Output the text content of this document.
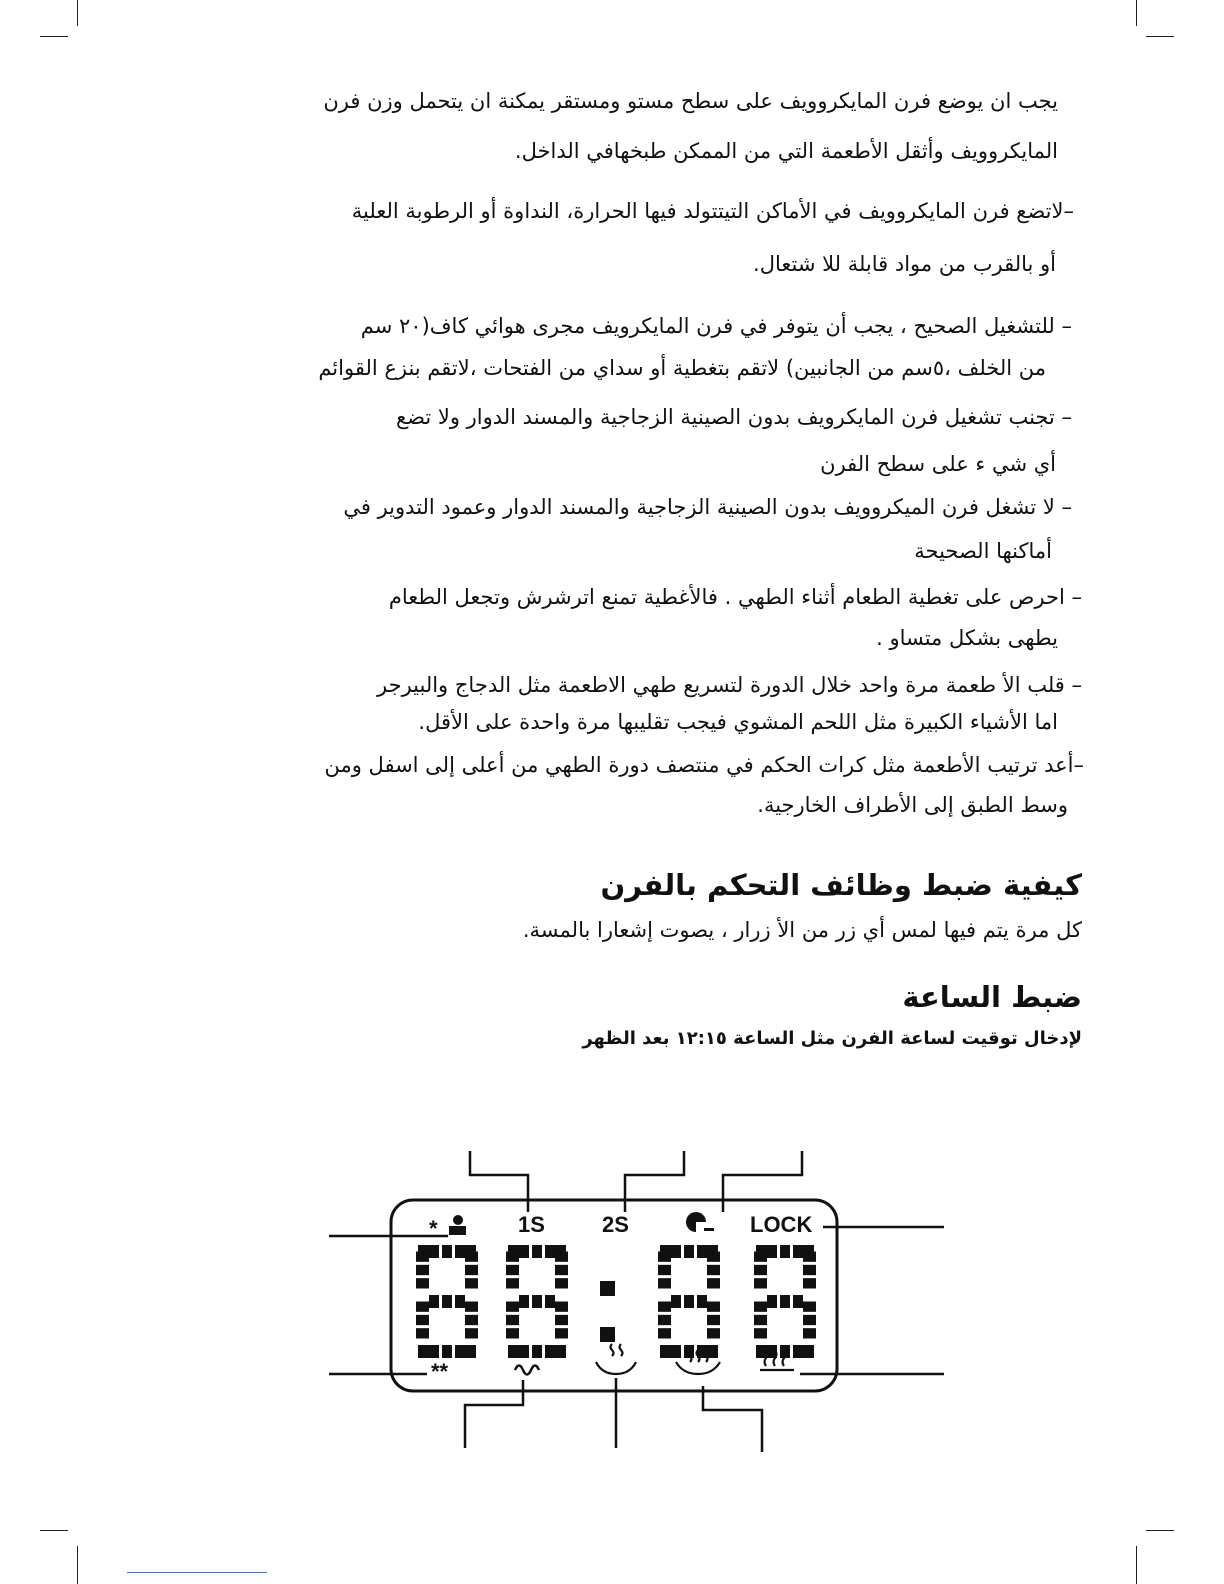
يجب ان يوضع فرن المايكروويف على سطح مستو ومستقر يمكنة ان يتحمل وزن فرن
المايكروويف وأثقل الأطعمة التي من الممكن طبخهافي الداخل.
–لاتضع فرن المايكروويف في الأماكن التيتتولد فيها الحرارة، النداوة أو الرطوبة العلية
أو بالقرب من مواد قابلة للا شتعال.
– للتشغيل الصحيح ، يجب أن يتوفر في فرن المايكرويف مجرى هوائي كاف(٢٠ سم
من الخلف ،٥سم من الجانبين) لاتقم بتغطية أو سداي من الفتحات ،لاتقم بنزع القوائم
– تجنب تشغيل فرن المايكرويف بدون الصينية الزجاجية والمسند الدوار ولا تضع
أي شي ء على سطح الفرن
– لا تشغل فرن الميكروويف بدون الصينية الزجاجية والمسند الدوار وعمود التدوير في
أماكنها الصحيحة
– احرص على تغطية الطعام أثناء الطهي . فالأغطية تمنع اترشرش وتجعل الطعام
يطهى بشكل متساو .
– قلب الأ طعمة مرة واحد خلال الدورة لتسريع طهي الاطعمة مثل الدجاج والبيرجر
اما الأشياء الكبيرة مثل اللحم المشوي فيجب تقليبها مرة واحدة على الأقل.
–أعد ترتيب الأطعمة مثل كرات الحكم في منتصف دورة الطهي من أعلى إلى اسفل ومن
وسط الطبق إلى الأطراف الخارجية.
كيفية ضبط وظائف التحكم بالفرن
كل مرة يتم فيها لمس أي زر من الأ زرار ، يصوت إشعارا بالمسة.
ضبط الساعة
لإدخال توقيت لساعة الفرن مثل الساعة ١٢:١٥ بعد الظهر
*	1S	2S	LOCK
**
